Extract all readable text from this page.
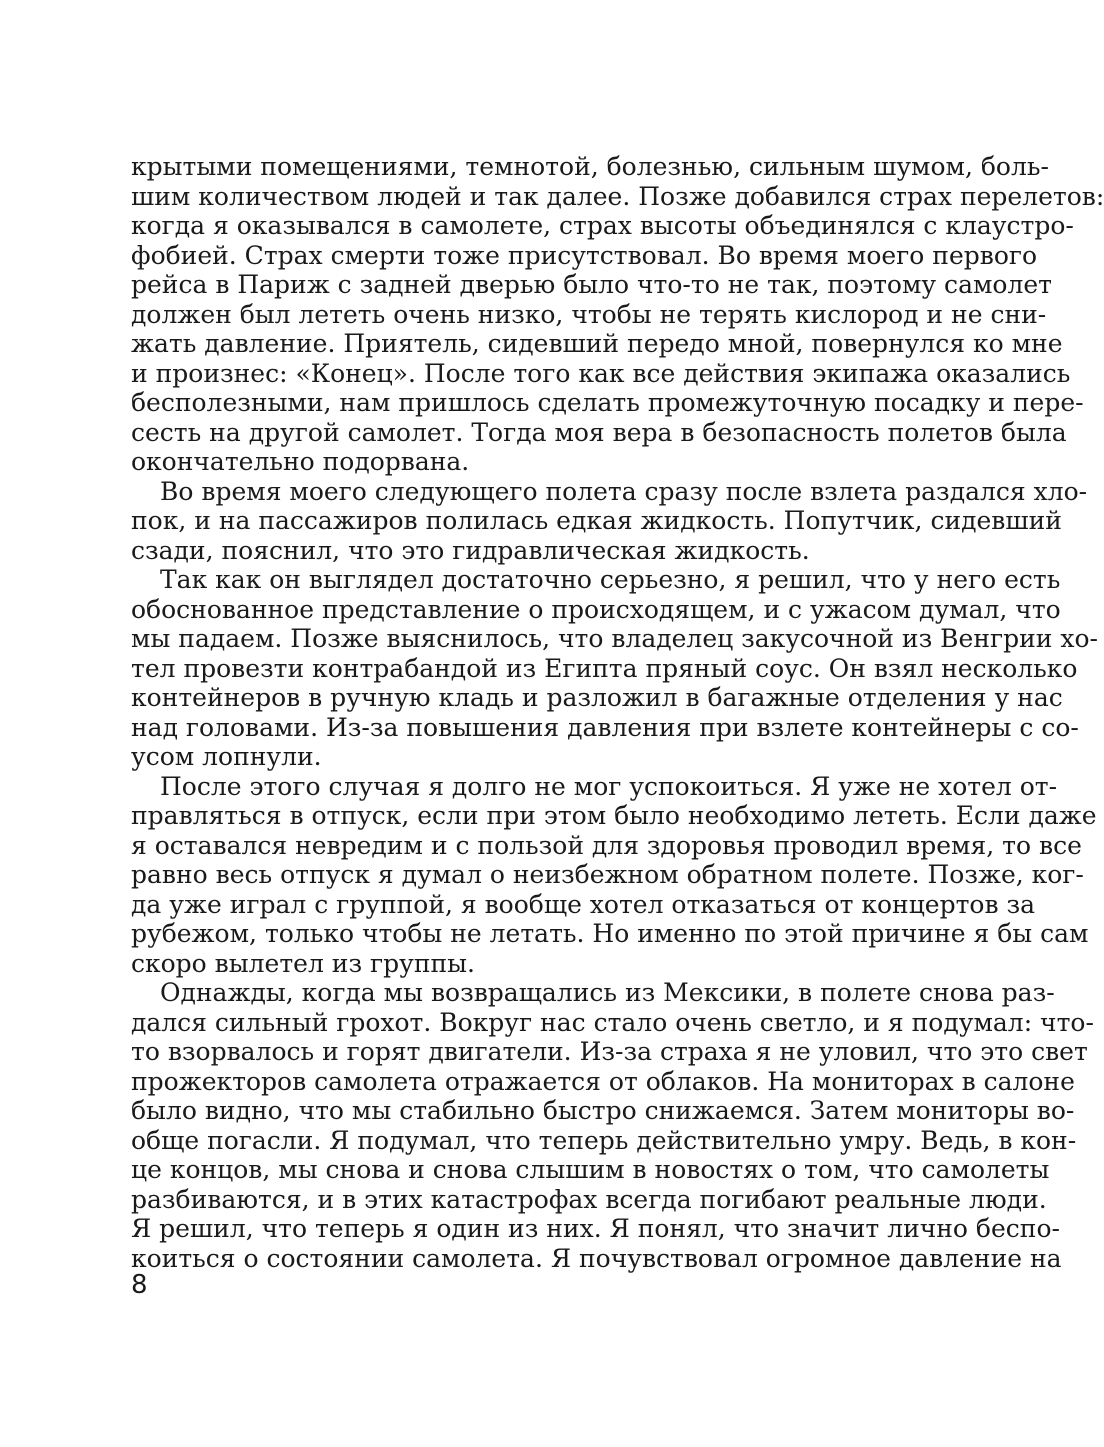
крытыми помещениями, темнотой, болезнью, сильным шумом, боль-
шим количеством людей и так далее. Позже добавился страх перелетов:
когда я оказывался в самолете, страх высоты объединялся с клаустро-
фобией. Страх смерти тоже присутствовал. Во время моего первого
рейса в Париж с задней дверью было что-то не так, поэтому самолет
должен был лететь очень низко, чтобы не терять кислород и не сни-
жать давление. Приятель, сидевший передо мной, повернулся ко мне
и произнес: «Конец». После того как все действия экипажа оказались
бесполезными, нам пришлось сделать промежуточную посадку и пере-
сесть на другой самолет. Тогда моя вера в безопасность полетов была
окончательно подорвана.
Во время моего следующего полета сразу после взлета раздался хло-
пок, и на пассажиров полилась едкая жидкость. Попутчик, сидевший
сзади, пояснил, что это гидравлическая жидкость.
Так как он выглядел достаточно серьезно, я решил, что у него есть
обоснованное представление о происходящем, и с ужасом думал, что
мы падаем. Позже выяснилось, что владелец закусочной из Венгрии хо-
тел провезти контрабандой из Египта пряный соус. Он взял несколько
контейнеров в ручную кладь и разложил в багажные отделения у нас
над головами. Из-за повышения давления при взлете контейнеры с со-
усом лопнули.
После этого случая я долго не мог успокоиться. Я уже не хотел от-
правляться в отпуск, если при этом было необходимо лететь. Если даже
я оставался невредим и с пользой для здоровья проводил время, то все
равно весь отпуск я думал о неизбежном обратном полете. Позже, ког-
да уже играл с группой, я вообще хотел отказаться от концертов за
рубежом, только чтобы не летать. Но именно по этой причине я бы сам
скоро вылетел из группы.
Однажды, когда мы возвращались из Мексики, в полете снова раз-
дался сильный грохот. Вокруг нас стало очень светло, и я подумал: что-
то взорвалось и горят двигатели. Из-за страха я не уловил, что это свет
прожекторов самолета отражается от облаков. На мониторах в салоне
было видно, что мы стабильно быстро снижаемся. Затем мониторы во-
обще погасли. Я подумал, что теперь действительно умру. Ведь, в кон-
це концов, мы снова и снова слышим в новостях о том, что самолеты
разбиваются, и в этих катастрофах всегда погибают реальные люди.
Я решил, что теперь я один из них. Я понял, что значит лично беспо-
коиться о состоянии самолета. Я почувствовал огромное давление на
8
